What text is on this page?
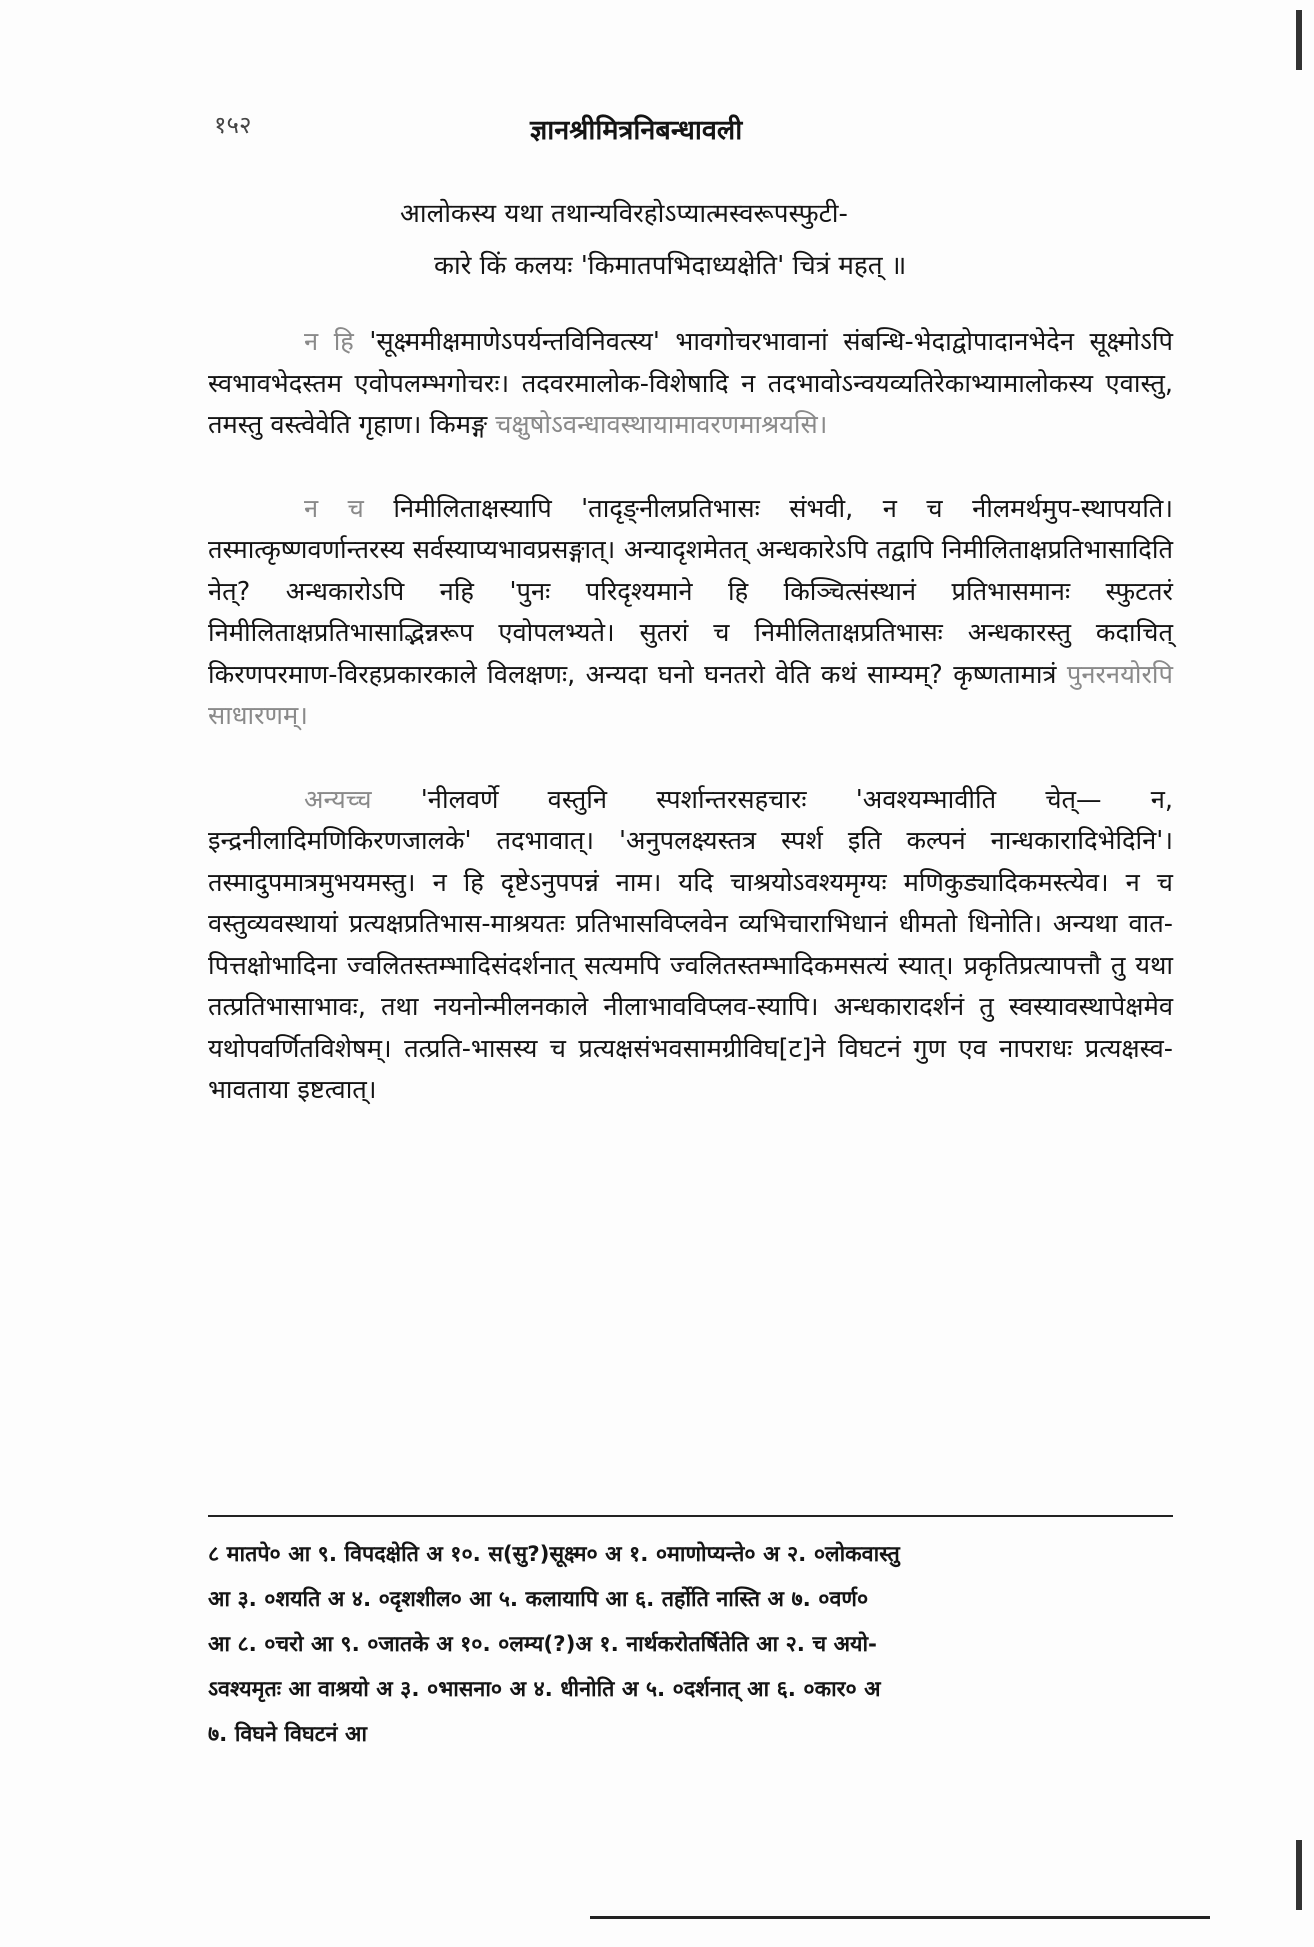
१५२	ज्ञानश्रीमित्रनिबन्धावली
आलोकस्य यथा तथान्यविरहोऽप्यात्मस्वरूपस्फुटी-
कारे किं कलयः 'किमातपभिदाध्यक्षेति' चित्रं महत् ॥

न हि 'सूक्ष्ममीक्षमाणेऽपर्यन्तविनिवत्स्य' भावगोचरभावानां संबन्धि-भेदाद्वोपादानभेदेन सूक्ष्मोऽपि स्वभावभेदस्तम एवोपलम्भगोचरः। तदवरमालोक-विशेषादि न तदभावोऽन्वयव्यतिरेकाभ्यामालोकस्य एवास्तु, तमस्तु वस्त्वेवेति गृहाण। किमङ्ग चक्षुषोऽवन्धावस्थायामावरणमाश्रयसि।

न च निमीलिताक्षस्यापि 'तादृङ्नीलप्रतिभासः संभवी, न च नीलमर्थमुप-स्थापयति। तस्मात्कृष्णवर्णान्तरस्य सर्वस्याप्यभावप्रसङ्गात्। अन्यादृशमेतत् अन्धकारेऽपि तद्वापि निमीलिताक्षप्रतिभासादिति नेत्? अन्धकारोऽपि नहि 'पुनः परिदृश्यमाने हि किञ्चित्संस्थानं प्रतिभासमानः स्फुटतरं निमीलिताक्षप्रतिभासाद्भिन्नरूप एवोपलभ्यते। सुतरां च निमीलिताक्षप्रतिभासः अन्धकारस्तु कदाचित् किरणपरमाण-विरहप्रकारकाले विलक्षणः, अन्यदा घनो घनतरो वेति कथं साम्यम्? कृष्णतामात्रं पुनरनयोरपि साधारणम्।

अन्यच्च 'नीलवर्णे वस्तुनि स्पर्शान्तरसहचारः 'अवश्यम्भावीति चेत्— न, इन्द्रनीलादिमणिकिरणजालके' तदभावात्। 'अनुपलक्ष्यस्तत्र स्पर्श इति कल्पनं नान्धकारादिभेदिनि'। तस्मादुपमात्रमुभयमस्तु। न हि दृष्टेऽनुपपन्नं नाम। यदि चाश्रयोऽवश्यमृग्यः मणिकुड्यादिकमस्त्येव। न च वस्तुव्यवस्थायां प्रत्यक्षप्रतिभास-माश्रयतः प्रतिभासविप्लवेन व्यभिचाराभिधानं धीमतो धिनोति। अन्यथा वात-पित्तक्षोभादिना ज्वलितस्तम्भादिसंदर्शनात् सत्यमपि ज्वलितस्तम्भादिकमसत्यं स्यात्। प्रकृतिप्रत्यापत्तौ तु यथा तत्प्रतिभासाभावः, तथा नयनोन्मीलनकाले नीलाभावविप्लव-स्यापि। अन्धकारादर्शनं तु स्वस्यावस्थापेक्षमेव यथोपवर्णितविशेषम्। तत्प्रति-भासस्य च प्रत्यक्षसंभवसामग्रीविघ[ट]ने विघटनं गुण एव नापराधः प्रत्यक्षस्व-भावताया इष्टत्वात्।

८ मातपे० आ ९. विपदक्षेति अ १०. स(सु?)सूक्ष्म० अ १. ०माणोप्यन्ते० अ २. ०लोकवास्तु
आ ३. ०शयति अ ४. ०दृशशील० आ ५. कलायापि आ ६. तर्होति नास्ति अ ७. ०वर्ण०
आ ८. ०चरो आ ९. ०जातके अ १०. ०लम्य(?)अ १. नार्थकरोतर्षितेति आ २. च अयो-
ऽवश्यमृतः आ वाश्रयो अ ३. ०भासना० अ ४. धीनोति अ ५. ०दर्शनात् आ ६. ०कार० अ
७. विघने विघटनं आ
